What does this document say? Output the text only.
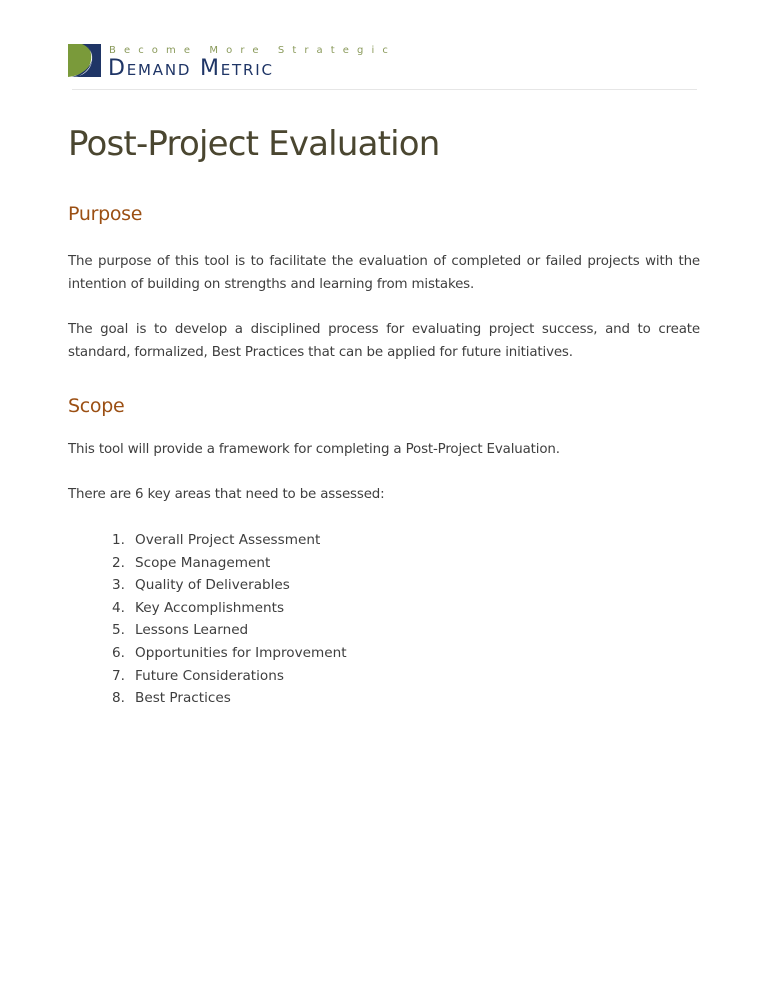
Become More Strategic
Demand Metric
Post-Project Evaluation
Purpose

The purpose of this tool is to facilitate the evaluation of completed or failed projects with the intention of building on strengths and learning from mistakes.

The goal is to develop a disciplined process for evaluating project success, and to create standard, formalized, Best Practices that can be applied for future initiatives.

Scope

This tool will provide a framework for completing a Post-Project Evaluation.

There are 6 key areas that need to be assessed:

1. Overall Project Assessment
2. Scope Management
3. Quality of Deliverables
4. Key Accomplishments
5. Lessons Learned
6. Opportunities for Improvement
7. Future Considerations
8. Best Practices
